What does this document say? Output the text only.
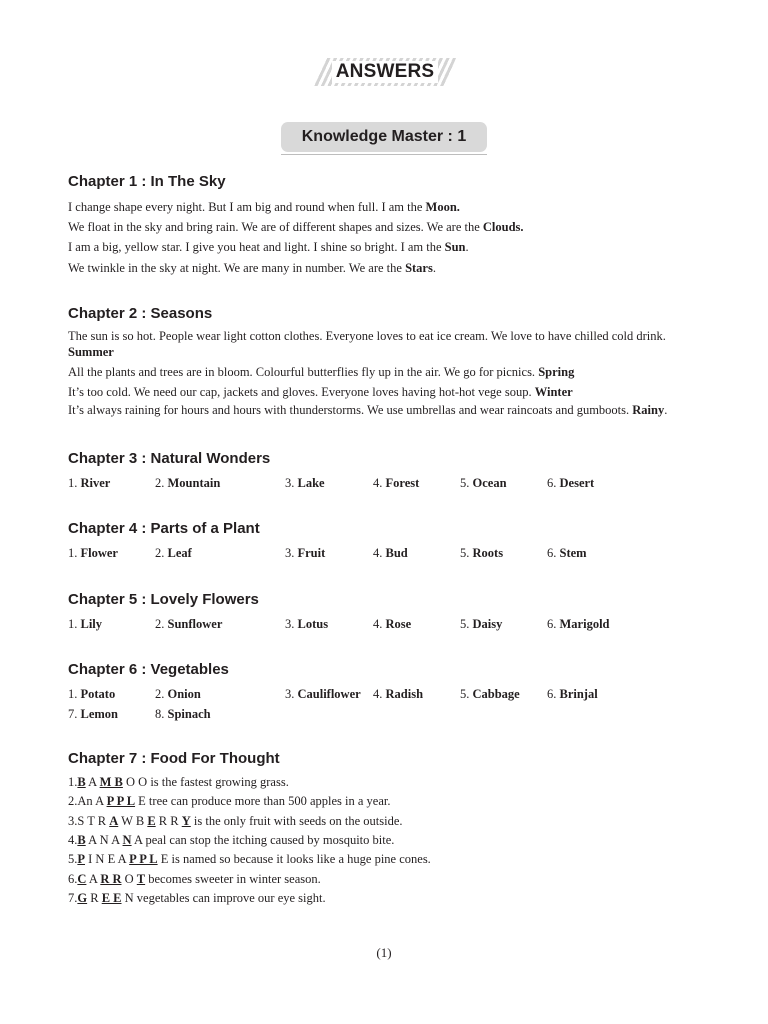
ANSWERS
Knowledge Master : 1
Chapter 1 : In The Sky
I change shape every night. But I am big and round when full. I am the Moon.
We float in the sky and bring rain. We are of different shapes and sizes. We are the Clouds.
I am a big, yellow star. I give you heat and light. I shine so bright. I am the Sun.
We twinkle in the sky at night. We are many in number. We are the Stars.
Chapter 2 : Seasons
The sun is so hot. People wear light cotton clothes. Everyone loves to eat ice cream. We love to have chilled cold drink.
Summer
All the plants and trees are in bloom. Colourful butterflies fly up in the air. We go for picnics. Spring
It’s too cold. We need our cap, jackets and gloves. Everyone loves having hot-hot vege soup. Winter
It’s always raining for hours and hours with thunderstorms. We use umbrellas and wear raincoats and gumboots. Rainy.
Chapter 3 : Natural Wonders
1. River	2. Mountain	3. Lake	4. Forest	5. Ocean	6. Desert
Chapter 4 : Parts of a Plant
1. Flower	2. Leaf	3. Fruit	4. Bud	5. Roots	6. Stem
Chapter 5 : Lovely Flowers
1. Lily	2. Sunflower	3. Lotus	4. Rose	5. Daisy	6. Marigold
Chapter 6 : Vegetables
1. Potato	2. Onion	3. Cauliflower 4. Radish	5. Cabbage 6. Brinjal
7. Lemon	8. Spinach
Chapter 7 : Food For Thought
1.B A M B O O is the fastest growing grass.
2.An A P P L E tree can produce more than 500 apples in a year.
3.S T R A W B E R R Y is the only fruit with seeds on the outside.
4.B A N A N A peal can stop the itching caused by mosquito bite.
5.P I N E A P P L E is named so because it looks like a huge pine cones.
6.C A R R O T becomes sweeter in winter season.
7.G R E E N vegetables can improve our eye sight.
(1)
